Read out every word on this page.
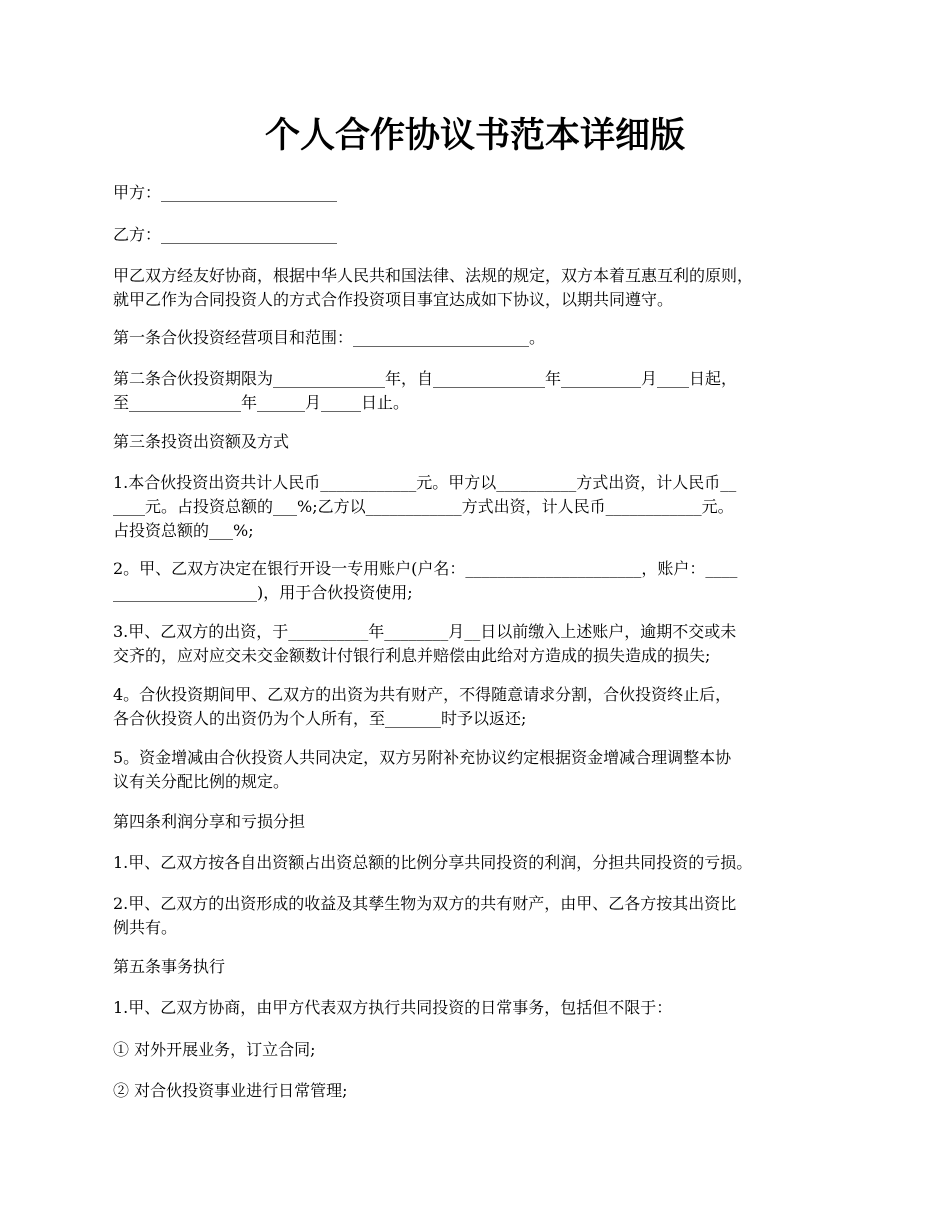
个人合作协议书范本详细版

甲方：______________________

乙方：______________________

甲乙双方经友好协商，根据中华人民共和国法律、法规的规定，双方本着互惠互利的原则，
就甲乙作为合同投资人的方式合作投资项目事宜达成如下协议，以期共同遵守。

第一条合伙投资经营项目和范围：______________________。

第二条合伙投资期限为______________年，自______________年__________月____日起，
至______________年______月_____日止。

第三条投资出资额及方式

1.本合伙投资出资共计人民币____________元。甲方以__________方式出资，计人民币__
____元。占投资总额的___%;乙方以____________方式出资，计人民币____________元。
占投资总额的___%;

2。甲、乙双方决定在银行开设一专用账户(户名：______________________，账户：____
__________________)，用于合伙投资使用;

3.甲、乙双方的出资，于__________年________月__日以前缴入上述账户，逾期不交或未
交齐的，应对应交未交金额数计付银行利息并赔偿由此给对方造成的损失造成的损失;

4。合伙投资期间甲、乙双方的出资为共有财产，不得随意请求分割，合伙投资终止后，
各合伙投资人的出资仍为个人所有，至_______时予以返还;

5。资金增减由合伙投资人共同决定，双方另附补充协议约定根据资金增减合理调整本协
议有关分配比例的规定。

第四条利润分享和亏损分担

1.甲、乙双方按各自出资额占出资总额的比例分享共同投资的利润，分担共同投资的亏损。

2.甲、乙双方的出资形成的收益及其孳生物为双方的共有财产，由甲、乙各方按其出资比
例共有。

第五条事务执行

1.甲、乙双方协商，由甲方代表双方执行共同投资的日常事务，包括但不限于：

① 对外开展业务，订立合同;

② 对合伙投资事业进行日常管理;
